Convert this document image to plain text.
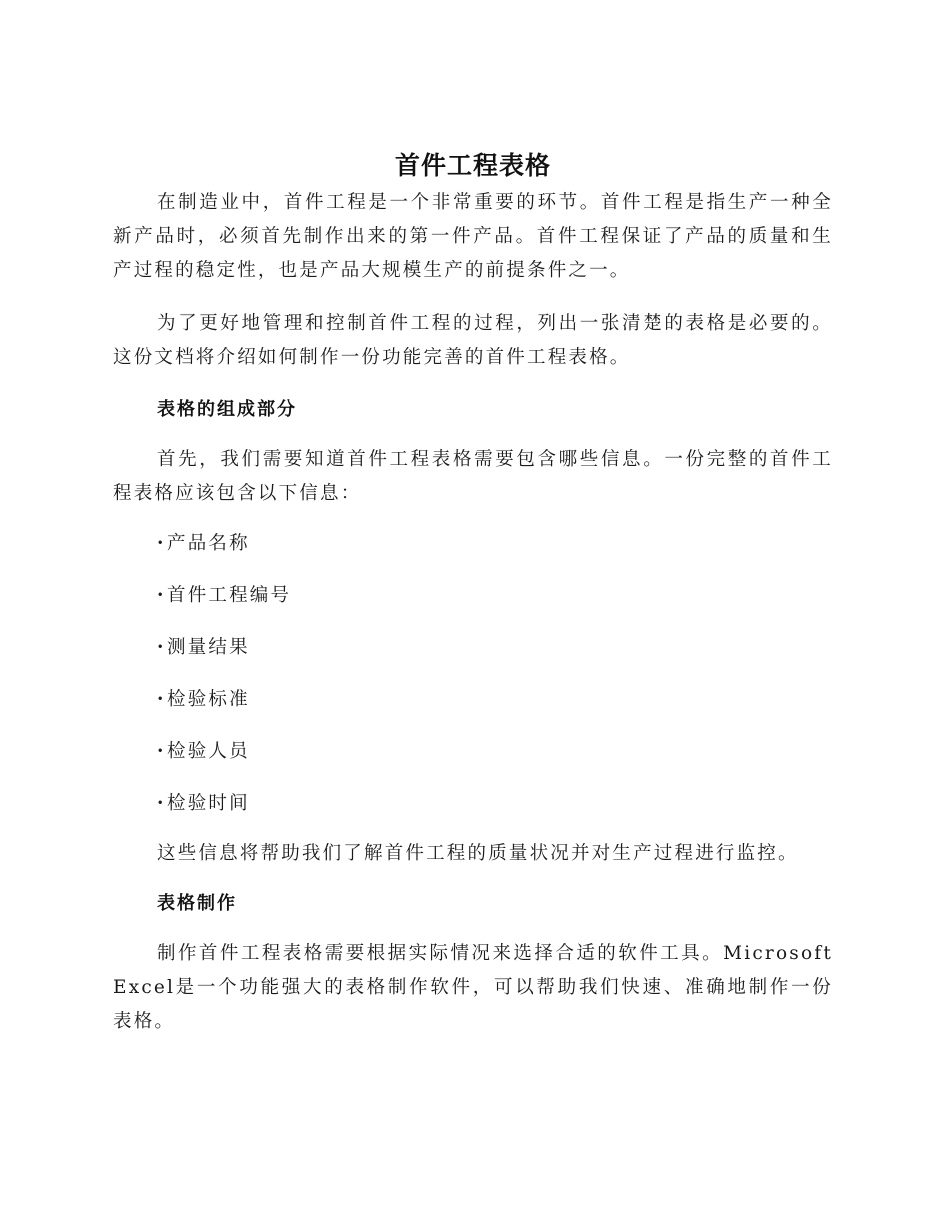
首件工程表格

在制造业中，首件工程是一个非常重要的环节。首件工程是指生产一种全新产品时，必须首先制作出来的第一件产品。首件工程保证了产品的质量和生产过程的稳定性，也是产品大规模生产的前提条件之一。

为了更好地管理和控制首件工程的过程，列出一张清楚的表格是必要的。这份文档将介绍如何制作一份功能完善的首件工程表格。

表格的组成部分

首先，我们需要知道首件工程表格需要包含哪些信息。一份完整的首件工程表格应该包含以下信息：

·产品名称
·首件工程编号
·测量结果
·检验标准
·检验人员
·检验时间

这些信息将帮助我们了解首件工程的质量状况并对生产过程进行监控。

表格制作

制作首件工程表格需要根据实际情况来选择合适的软件工具。Microsoft Excel是一个功能强大的表格制作软件，可以帮助我们快速、准确地制作一份表格。
